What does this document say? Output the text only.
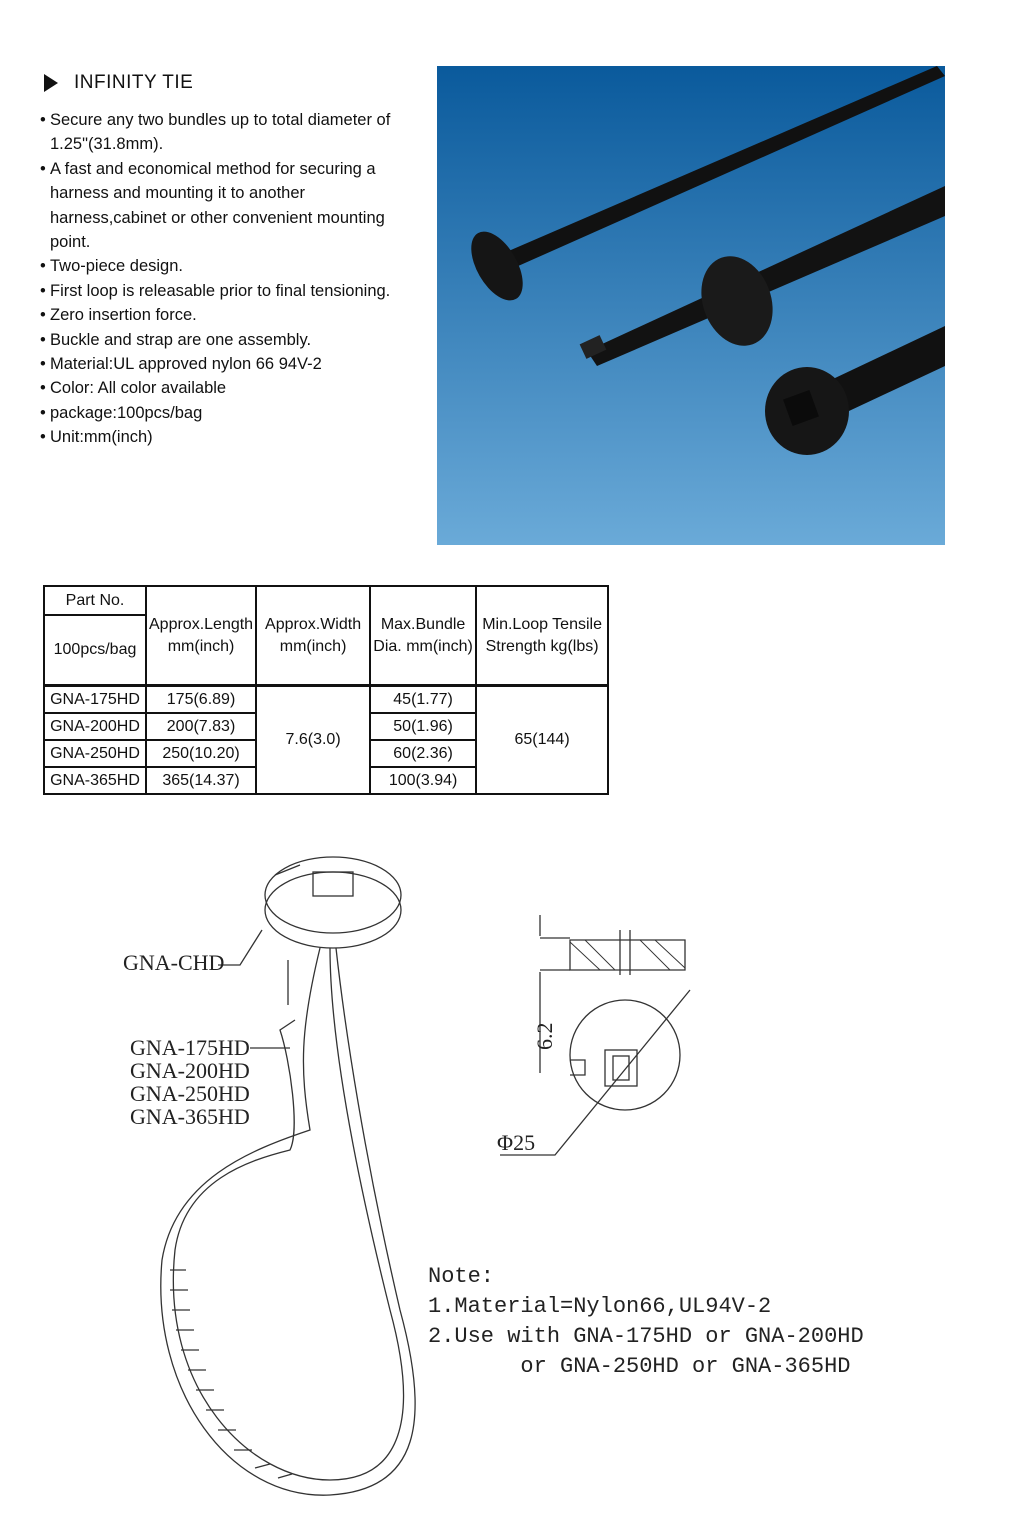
INFINITY TIE
• Secure any two bundles up to total diameter of 1.25"(31.8mm).
• A fast and economical method for securing a harness and mounting it to another harness,cabinet or other convenient mounting point.
• Two-piece design.
• First loop is releasable prior to final tensioning.
• Zero insertion force.
• Buckle and strap are one assembly.
• Material:UL approved nylon 66 94V-2
• Color: All color available
• package:100pcs/bag
• Unit:mm(inch)
Part No.	Approx.Length mm(inch)	Approx.Width mm(inch)	Max.Bundle Dia. mm(inch)	Min.Loop Tensile Strength kg(lbs)
100pcs/bag				
GNA-175HD	175(6.89)	7.6(3.0)	45(1.77)	65(144)
GNA-200HD	200(7.83)		50(1.96)	
GNA-250HD	250(10.20)		60(2.36)	
GNA-365HD	365(14.37)		100(3.94)	
GNA-CHD
GNA-175HD
GNA-200HD
GNA-250HD
GNA-365HD
6.2
Φ25
Note:
1.Material=Nylon66,UL94V-2
2.Use with GNA-175HD or GNA-200HD
or GNA-250HD or GNA-365HD
